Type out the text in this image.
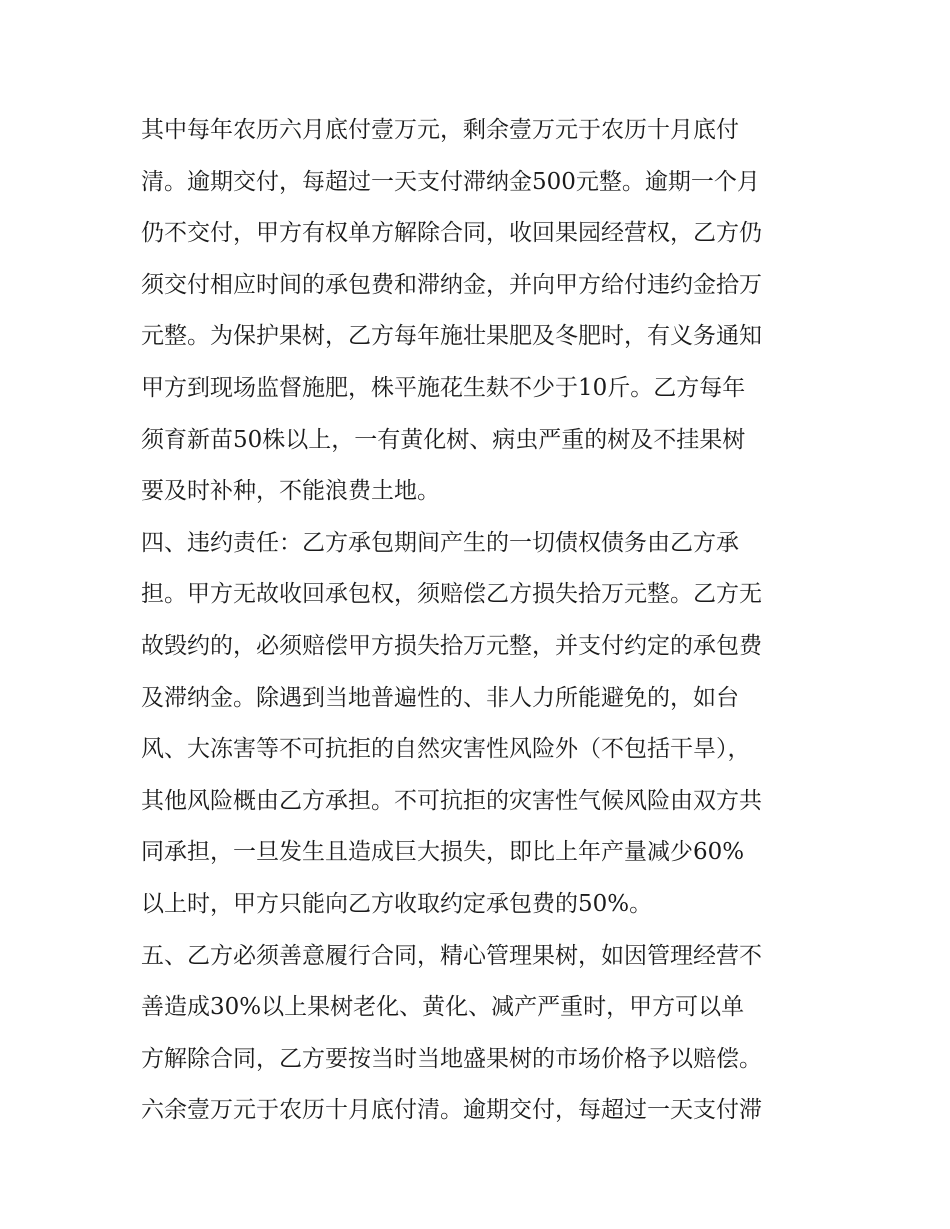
其中每年农历六月底付壹万元，剩余壹万元于农历十月底付
清。逾期交付，每超过一天支付滞纳金500元整。逾期一个月
仍不交付，甲方有权单方解除合同，收回果园经营权，乙方仍
须交付相应时间的承包费和滞纳金，并向甲方给付违约金拾万
元整。为保护果树，乙方每年施壮果肥及冬肥时，有义务通知
甲方到现场监督施肥，株平施花生麸不少于10斤。乙方每年
须育新苗50株以上，一有黄化树、病虫严重的树及不挂果树
要及时补种，不能浪费土地。
四、违约责任：乙方承包期间产生的一切债权债务由乙方承
担。甲方无故收回承包权，须赔偿乙方损失拾万元整。乙方无
故毁约的，必须赔偿甲方损失拾万元整，并支付约定的承包费
及滞纳金。除遇到当地普遍性的、非人力所能避免的，如台
风、大冻害等不可抗拒的自然灾害性风险外（不包括干旱），
其他风险概由乙方承担。不可抗拒的灾害性气候风险由双方共
同承担，一旦发生且造成巨大损失，即比上年产量减少60%
以上时，甲方只能向乙方收取约定承包费的50%。
五、乙方必须善意履行合同，精心管理果树，如因管理经营不
善造成30%以上果树老化、黄化、减产严重时，甲方可以单
方解除合同，乙方要按当时当地盛果树的市场价格予以赔偿。
六余壹万元于农历十月底付清。逾期交付，每超过一天支付滞
